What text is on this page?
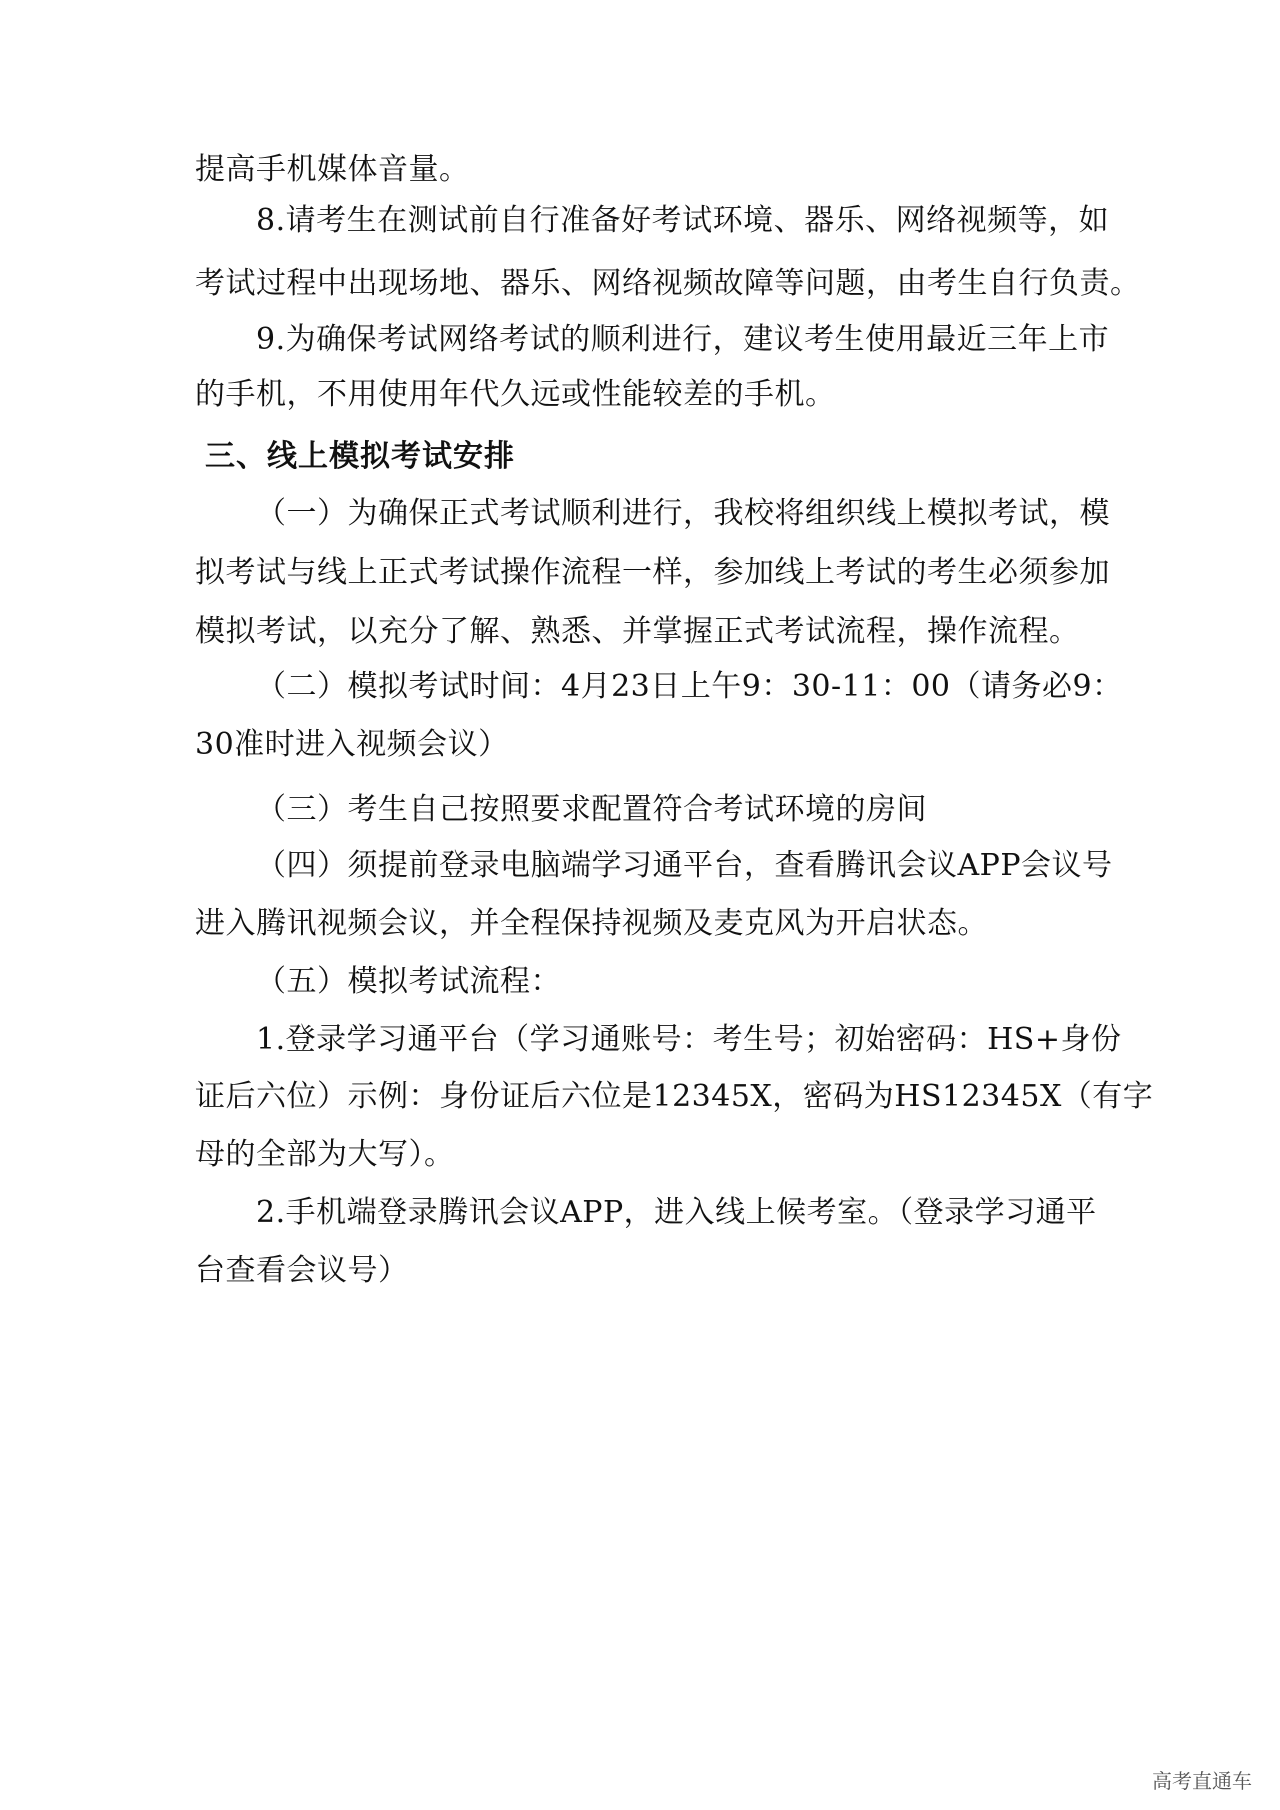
提高手机媒体音量。
8.请考生在测试前自行准备好考试环境、器乐、网络视频等，如
考试过程中出现场地、器乐、网络视频故障等问题，由考生自行负责。
9.为确保考试网络考试的顺利进行，建议考生使用最近三年上市
的手机，不用使用年代久远或性能较差的手机。
三、线上模拟考试安排
（一）为确保正式考试顺利进行，我校将组织线上模拟考试，模
拟考试与线上正式考试操作流程一样，参加线上考试的考生必须参加
模拟考试，以充分了解、熟悉、并掌握正式考试流程，操作流程。
（二）模拟考试时间：4月23日上午9：30-11：00（请务必9：
30准时进入视频会议）
（三）考生自己按照要求配置符合考试环境的房间
（四）须提前登录电脑端学习通平台，查看腾讯会议APP会议号
进入腾讯视频会议，并全程保持视频及麦克风为开启状态。
（五）模拟考试流程：
1.登录学习通平台（学习通账号：考生号；初始密码：HS+身份
证后六位）示例：身份证后六位是12345X，密码为HS12345X（有字
母的全部为大写）。
2.手机端登录腾讯会议APP，进入线上候考室。（登录学习通平
台查看会议号）
高考直通车
